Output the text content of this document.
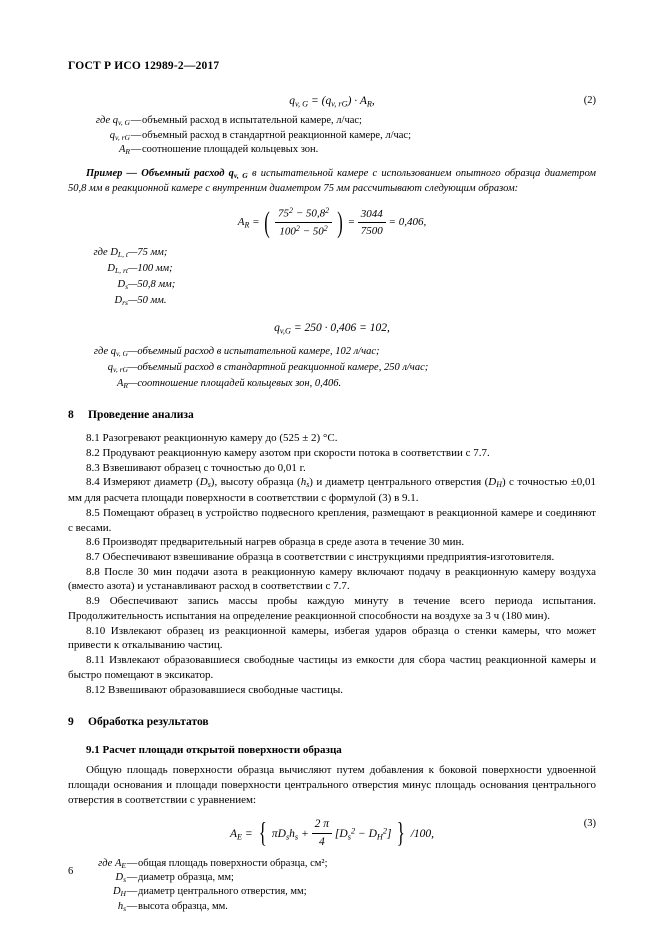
ГОСТ Р ИСО 12989-2—2017
$q_{v, G} = (q_{v, rG}) \cdot A_R$,	(2)
где $q_{v, G}—объемный$ расход в испытательной камере, л/час;
$q_{v, rG}—объемный$ расход в стандартной реакционной камере, л/час;
$A_R—соотношение$ площадей кольцевых зон.
Пример — Объемный расход $q_{v, G}$ в испытательной камере с использованием опытного образца диаметром 50,8 мм в реакционной камере с внутренним диаметром 75 мм рассчитывают следующим образом:
$A_R$ = ( $\frac{75^2 - 50,8^2}{100^2 - 50^2}$ ) = $\frac{3044}{7500} = 0,406$,
где $D_{L, t}—75$ мм;
$D_{L, rt}—100$ мм;
$D_s—50,8$ мм;
$D_{rs}—50$ мм.
$q_{v,G} = 250 \cdot 0,406 = 102$,
где $q_{v, G}—объемный$ расход в испытательной камере, 102 л/час;
$q_{v, rG}—объемный$ расход в стандартной реакционной камере, 250 л/час;
$A_R—соотношение$ площадей кольцевых зон, 0,406.
8 Проведение анализа
8.1 Разогревают реакционную камеру до (525 ± 2) °С.
8.2 Продувают реакционную камеру азотом при скорости потока в соответствии с 7.7.
8.3 Взвешивают образец с точностью до 0,01 г.
8.4 Измеряют диаметр $(D_s)$, высоту образца $(h_s)$ и диаметр центрального отверстия $(D_H)$ с точностью ±0,01 мм для расчета площади поверхности в соответствии с формулой (3) в 9.1.
8.5 Помещают образец в устройство подвесного крепления, размещают в реакционной камере и соединяют с весами.
8.6 Производят предварительный нагрев образца в среде азота в течение 30 мин.
8.7 Обеспечивают взвешивание образца в соответствии с инструкциями предприятия-изготовителя.
8.8 После 30 мин подачи азота в реакционную камеру включают подачу в реакционную камеру воздуха (вместо азота) и устанавливают расход в соответствии с 7.7.
8.9 Обеспечивают запись массы пробы каждую минуту в течение всего периода испытания. Продолжительность испытания на определение реакционной способности на воздухе за 3 ч (180 мин).
8.10 Извлекают образец из реакционной камеры, избегая ударов образца о стенки камеры, что может привести к откалыванию частиц.
8.11 Извлекают образовавшиеся свободные частицы из емкости для сбора частиц реакционной камеры и быстро помещают в эксикатор.
8.12 Взвешивают образовавшиеся свободные частицы.
9 Обработка результатов
9.1 Расчет площади открытой поверхности образца
Общую площадь поверхности образца вычисляют путем добавления к боковой поверхности удвоенной площади основания и площади поверхности центрального отверстия минус площадь основания центрального отверстия в соответствии с уравнением:
$A_E$ = { $\pi D_sh_s + \frac{2 \pi}{4} [D_s^2 - D_H^2]$ } /100,
(3)
где $A_E—общая$ площадь поверхности образца, см²;
$D_s—диаметр$ образца, мм;
$D_H—диаметр$ центрального отверстия, мм;
$h_s—высота$ образца, мм.
6
